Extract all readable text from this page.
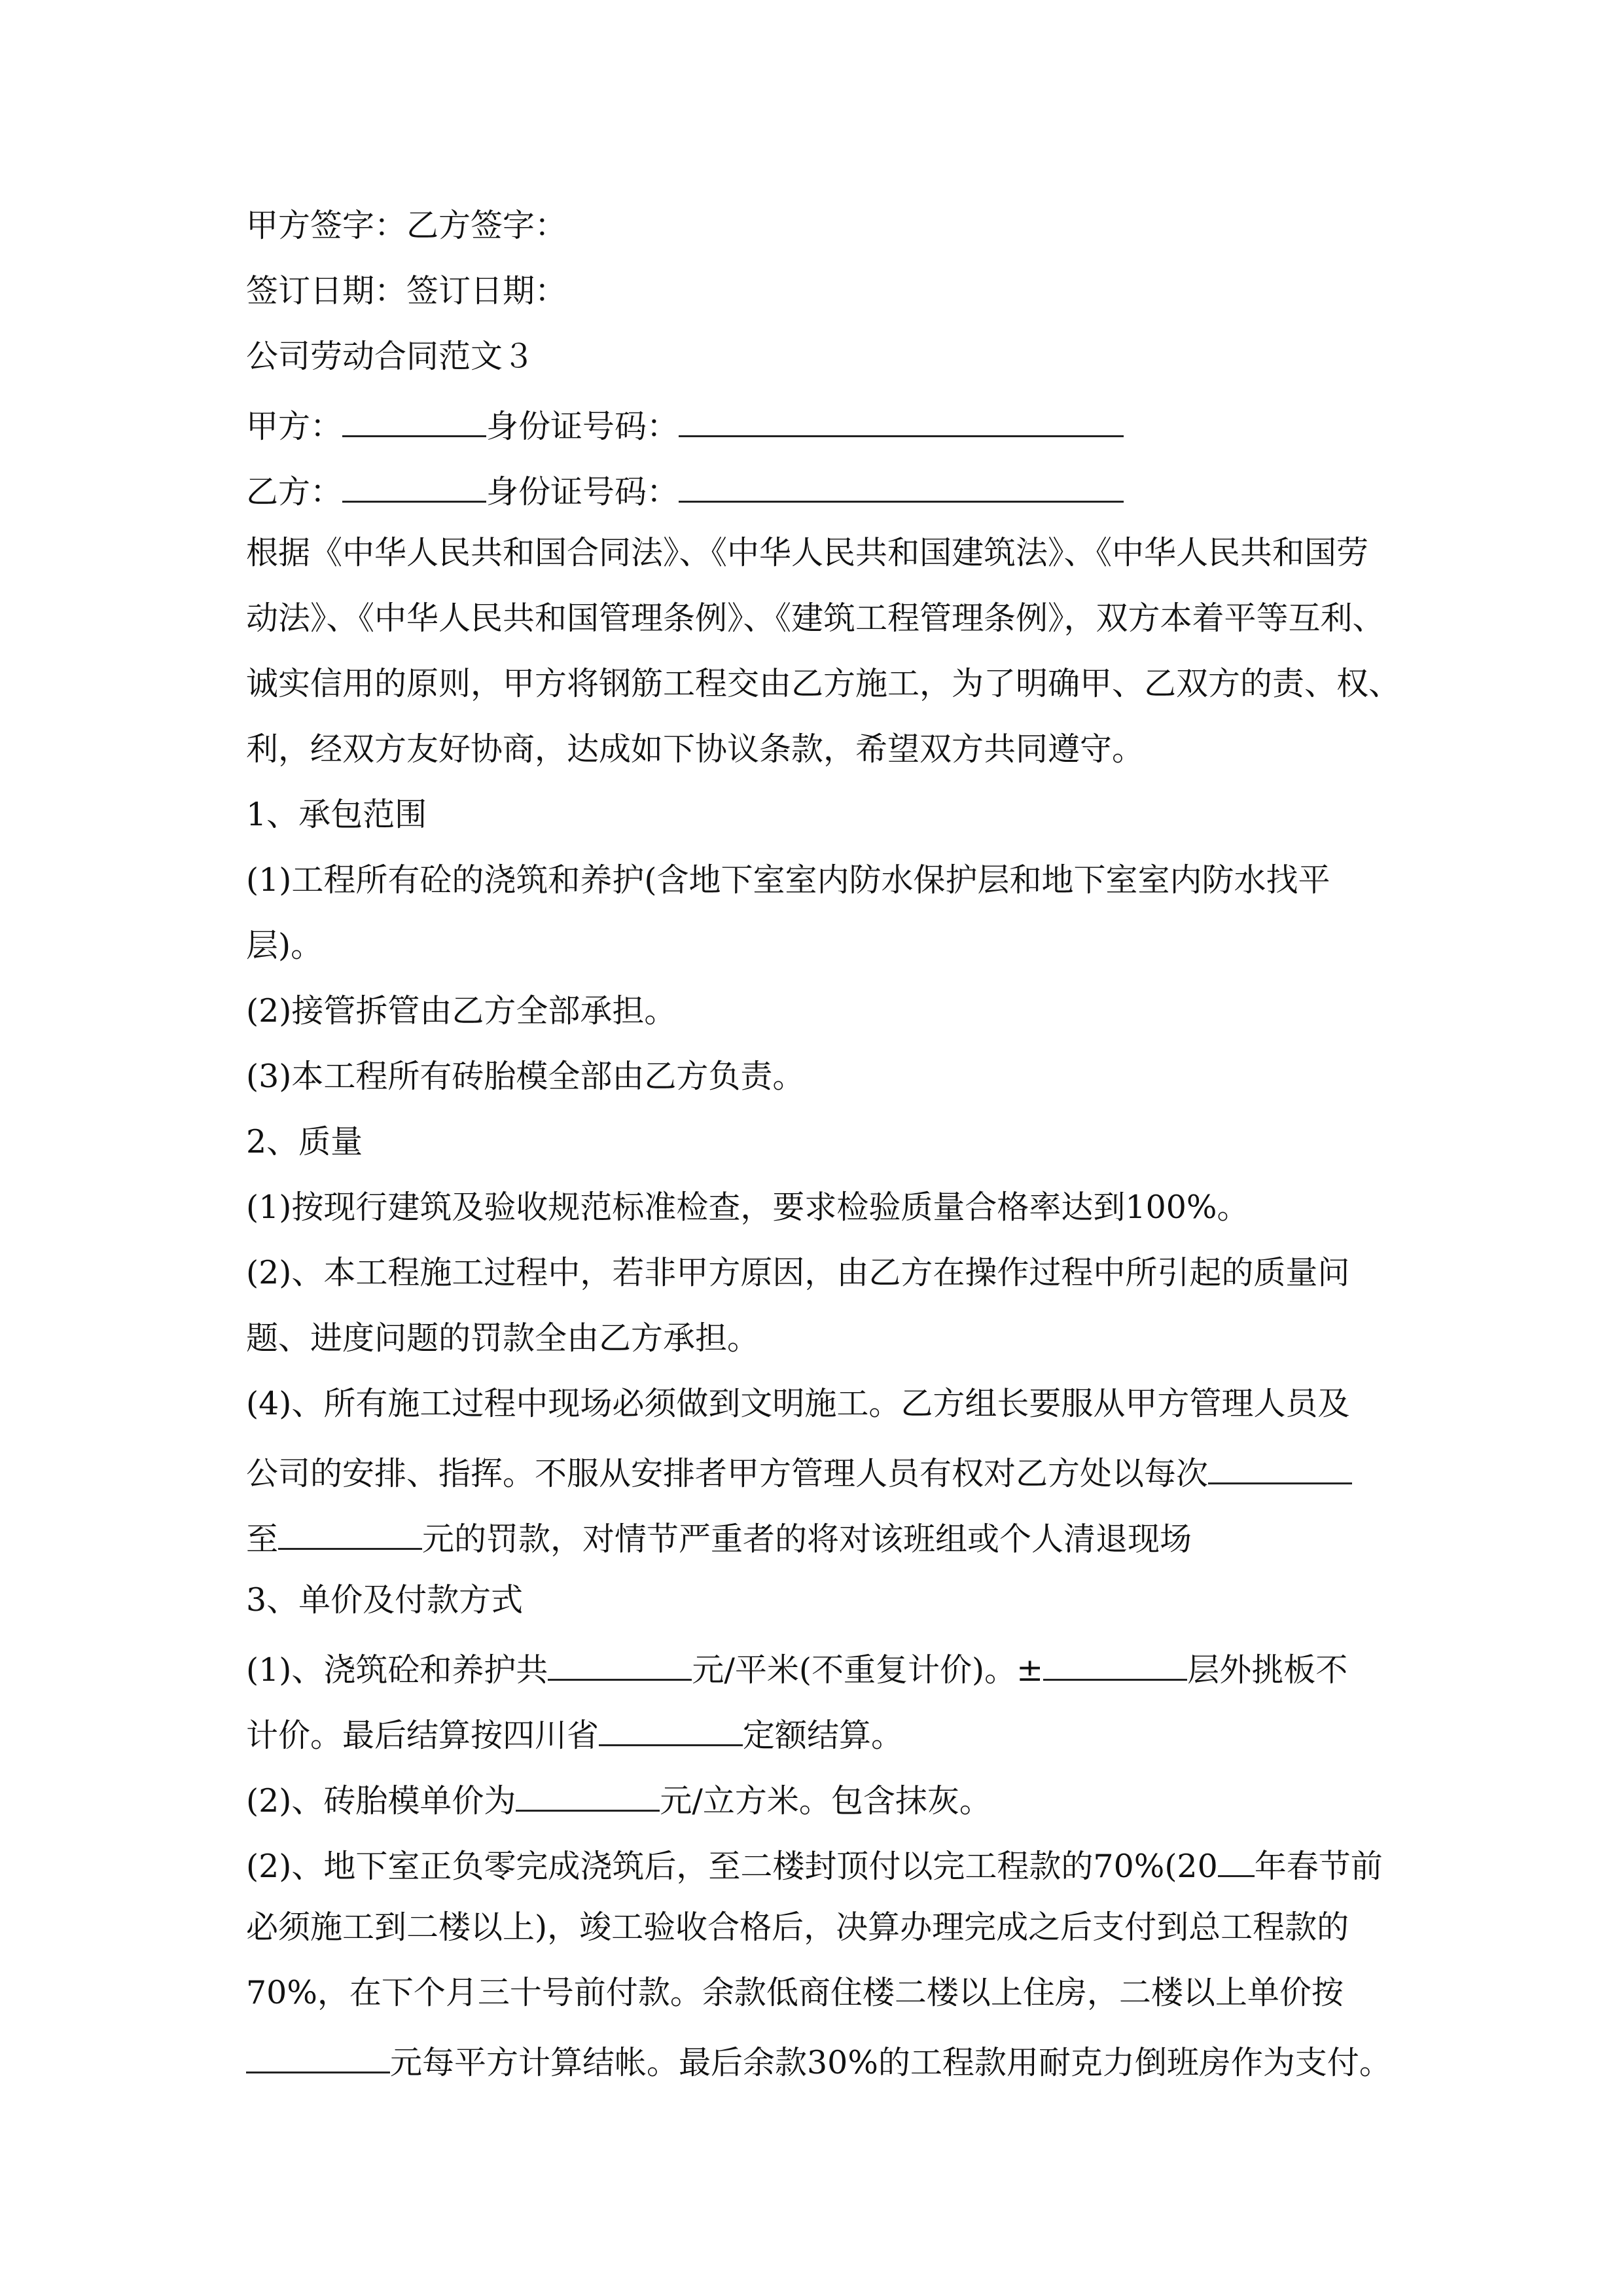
甲方签字：乙方签字：
签订日期：签订日期：
公司劳动合同范文３
甲方：	身份证号码：
乙方：	身份证号码：
根据《中华人民共和国合同法》、《中华人民共和国建筑法》、《中华人民共和国劳
动法》、《中华人民共和国管理条例》、《建筑工程管理条例》，双方本着平等互利、
诚实信用的原则，甲方将钢筋工程交由乙方施工，为了明确甲、乙双方的责、权、
利，经双方友好协商，达成如下协议条款，希望双方共同遵守。
1、承包范围
(1)工程所有砼的浇筑和养护(含地下室室内防水保护层和地下室室内防水找平
层)。
(2)接管拆管由乙方全部承担。
(3)本工程所有砖胎模全部由乙方负责。
2、质量
(1)按现行建筑及验收规范标准检查，要求检验质量合格率达到100%。
(2)、本工程施工过程中，若非甲方原因，由乙方在操作过程中所引起的质量问
题、进度问题的罚款全由乙方承担。
(4)、所有施工过程中现场必须做到文明施工。乙方组长要服从甲方管理人员及
公司的安排、指挥。不服从安排者甲方管理人员有权对乙方处以每次
至	元的罚款，对情节严重者的将对该班组或个人清退现场
3、单价及付款方式
(1)、浇筑砼和养护共	元/平米(不重复计价)。±	层外挑板不
计价。最后结算按四川省	定额结算。
(2)、砖胎模单价为	元/立方米。包含抹灰。
(2)、地下室正负零完成浇筑后，至二楼封顶付以完工程款的70%(20 年春节前
必须施工到二楼以上)，竣工验收合格后，决算办理完成之后支付到总工程款的
70%，在下个月三十号前付款。余款低商住楼二楼以上住房，二楼以上单价按
元每平方计算结帐。最后余款30%的工程款用耐克力倒班房作为支付。
